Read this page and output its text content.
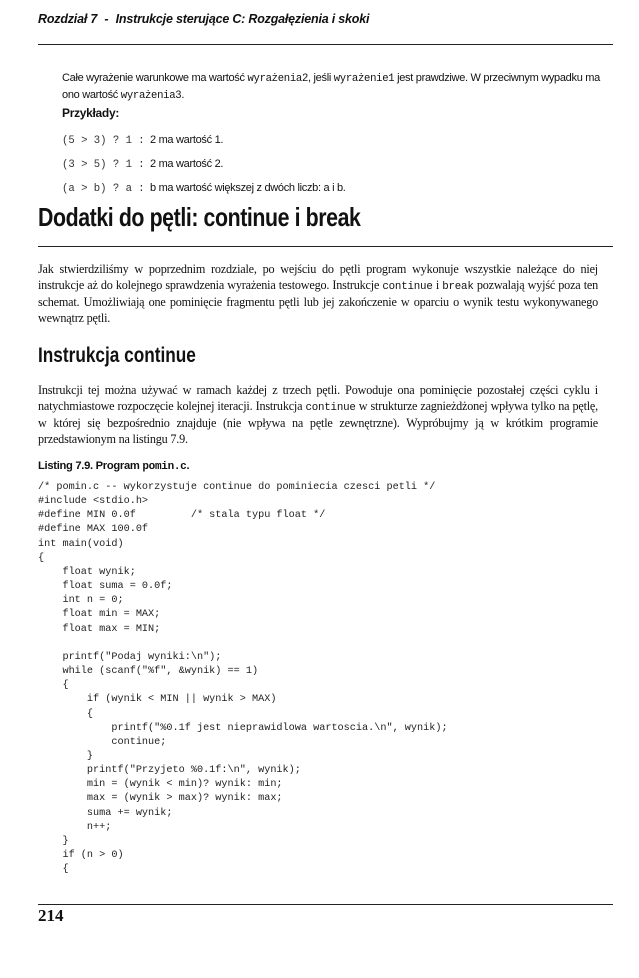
Rozdział 7 - Instrukcje sterujące C: Rozgałęzienia i skoki
Całe wyrażenie warunkowe ma wartość wyrażenia2, jeśli wyrażenie1 jest prawdziwe. W przeciwnym wypadku ma ono wartość wyrażenia3.
Przykłady:
(5 > 3) ? 1 : 2 ma wartość 1.
(3 > 5) ? 1 : 2 ma wartość 2.
(a > b) ? a : b ma wartość większej z dwóch liczb: a i b.
Dodatki do pętli: continue i break
Jak stwierdziliśmy w poprzednim rozdziale, po wejściu do pętli program wykonuje wszystkie należące do niej instrukcje aż do kolejnego sprawdzenia wyrażenia testowego. Instrukcje continue i break pozwalają wyjść poza ten schemat. Umożliwiają one pominięcie fragmentu pętli lub jej zakończenie w oparciu o wynik testu wykonywanego wewnątrz pętli.
Instrukcja continue
Instrukcji tej można używać w ramach każdej z trzech pętli. Powoduje ona pominięcie pozostałej części cyklu i natychmiastowe rozpoczęcie kolejnej iteracji. Instrukcja continue w strukturze zagnieżdżonej wpływa tylko na pętlę, w której się bezpośrednio znajduje (nie wpływa na pętle zewnętrzne). Wypróbujmy ją w krótkim programie przedstawionym na listingu 7.9.
Listing 7.9. Program pomin.c.
/* pomin.c -- wykorzystuje continue do pominiecia czesci petli */
#include <stdio.h>
#define MIN 0.0f         /* stala typu float */
#define MAX 100.0f
int main(void)
{
float wynik;
float suma = 0.0f;
int n = 0;
float min = MAX;
float max = MIN;

printf("Podaj wyniki:\n");
while (scanf("%f", &wynik) == 1)
{
if (wynik < MIN || wynik > MAX)
{
printf("%0.1f jest nieprawidlowa wartoscia.\n", wynik);
continue;
}
printf("Przyjeto %0.1f:\n", wynik);
min = (wynik < min)? wynik: min;
max = (wynik > max)? wynik: max;
suma += wynik;
n++;
}
if (n > 0)
{
214
